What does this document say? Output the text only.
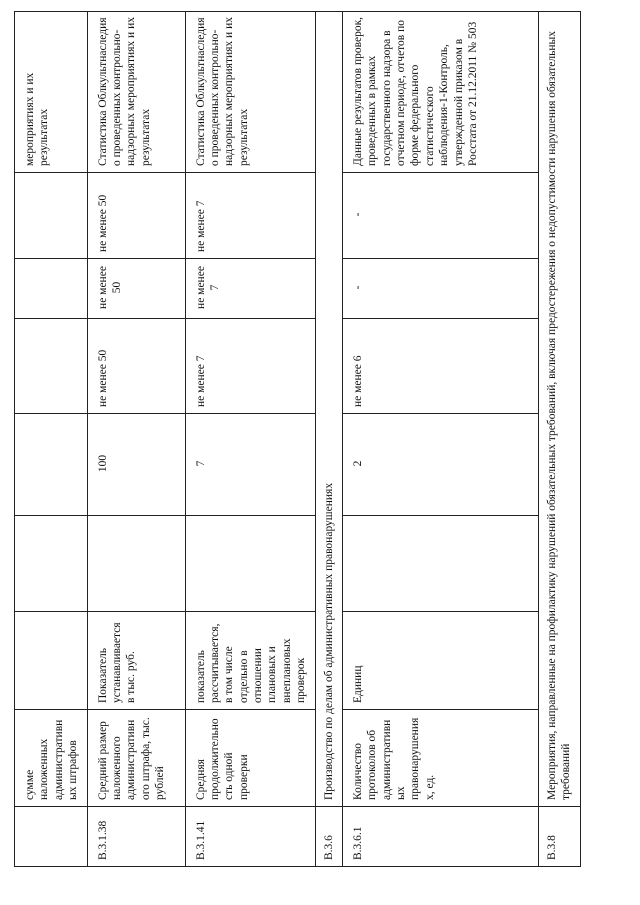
	сумме наложенных административных штрафов							мероприятиях и их результатах
В.3.1.38	Средний размер наложенного административного штрафа, тыс. рублей	Показатель устанавливается в тыс. руб.		100	не менее 50	не менее 50	не менее 50	Статистика Облкультнаследия о проведенных контрольно-надзорных мероприятиях и их результатах
В.3.1.41	Средняя продолжительность одной проверки	показатель рассчитывается, в том числе отдельно в отношении плановых и внеплановых проверок		7	не менее 7	не менее 7	не менее 7	Статистика Облкультнаследия о проведенных контрольно-надзорных мероприятиях и их результатах
В.3.6	Производство по делам об административных правонарушениях							
В.3.6.1	Количество протоколов об административных правонарушениях, ед.	Единиц		2	не менее 6	-	-	Данные результатов проверок, проведенных в рамках государственного надзора в отчетном периоде, отчетов по форме федерального статистического наблюдения-1-Контроль, утвержденной приказом в Росстата от 21.12.2011 № 503
В.3.8	Мероприятия, направленные на профилактику нарушений обязательных требований, включая предостережения о недопустимости нарушения обязательных требований							
